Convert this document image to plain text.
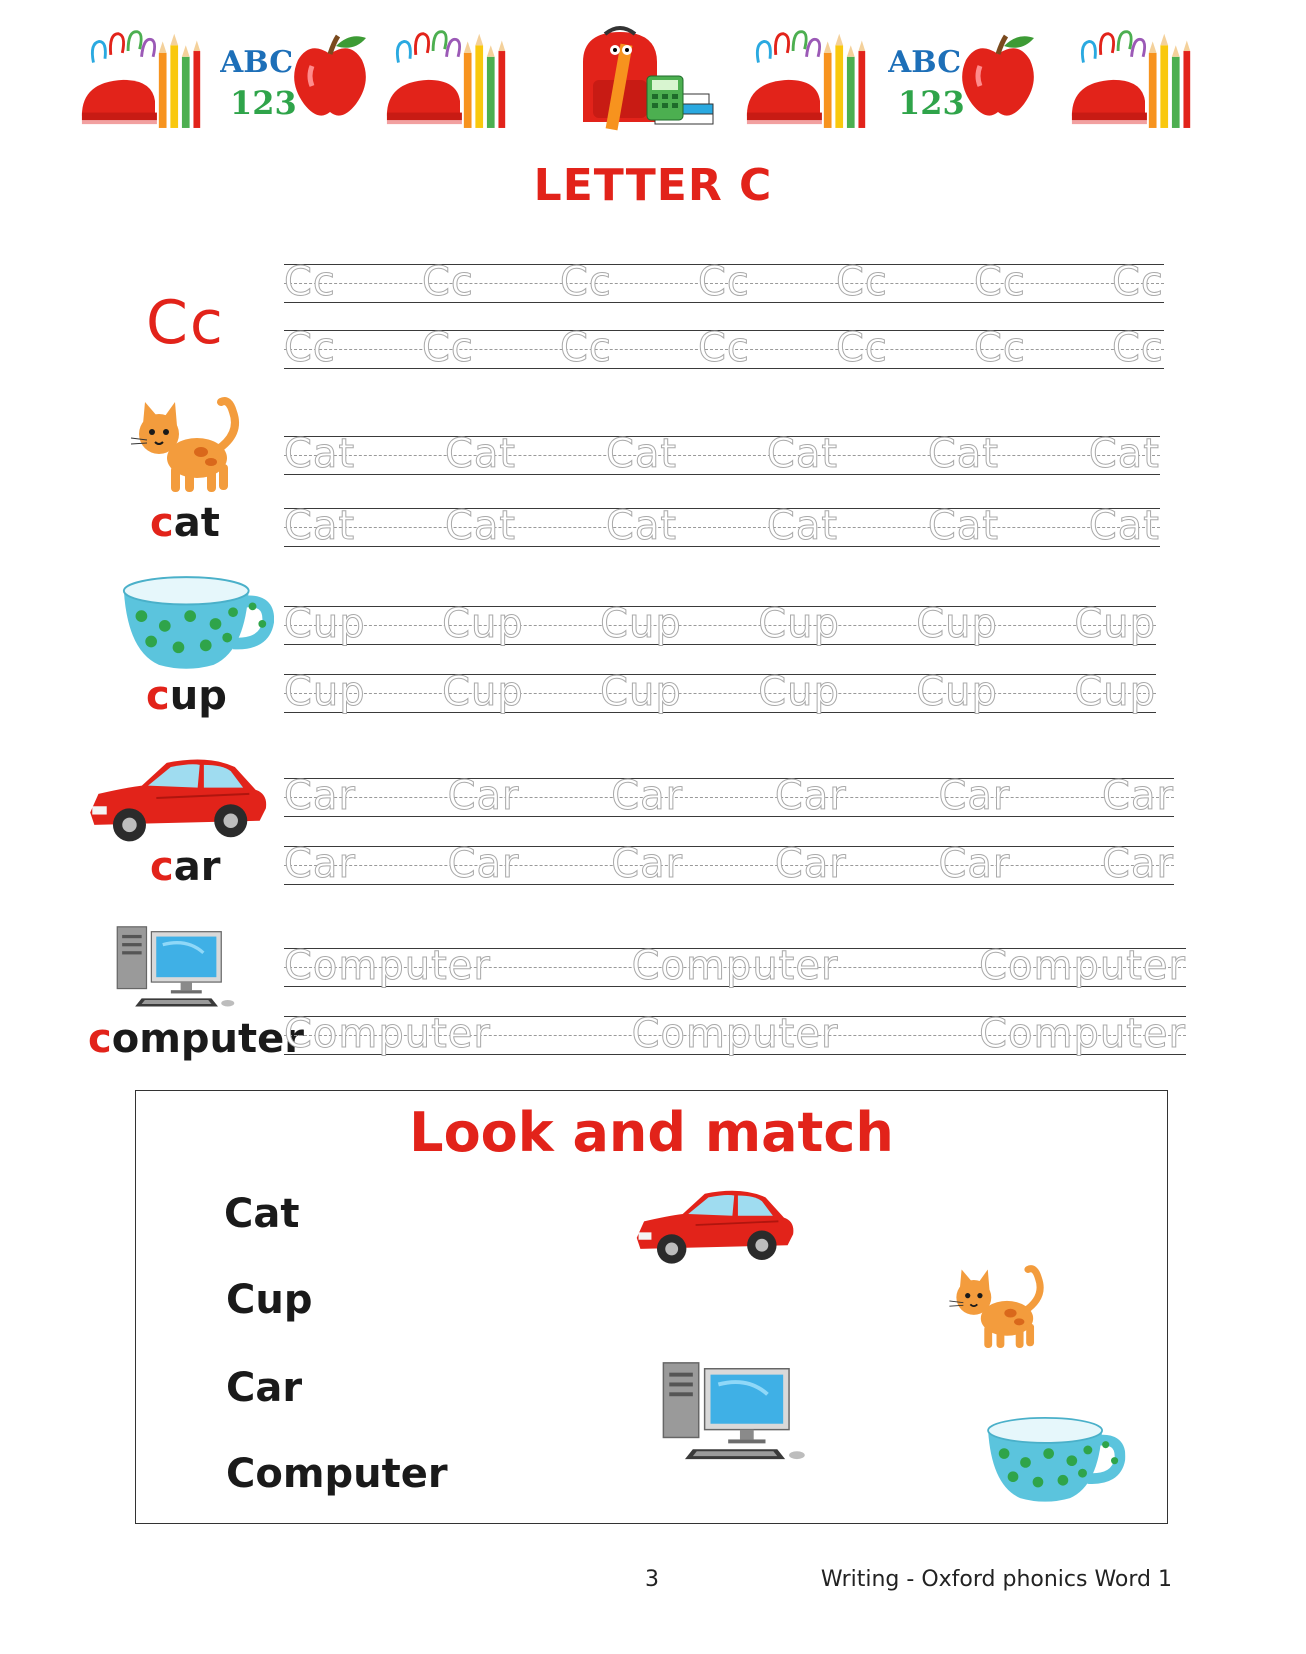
ABC
123
ABC
123
LETTER C
Cc
Cc Cc Cc Cc Cc Cc Cc
Cc Cc Cc Cc Cc Cc Cc
cat
Cat Cat Cat Cat Cat Cat
Cat Cat Cat Cat Cat Cat
cup
Cup Cup Cup Cup Cup Cup
Cup Cup Cup Cup Cup Cup
car
Car Car Car Car Car Car
Car Car Car Car Car Car
computer
Computer	Computer	Computer
Computer	Computer	Computer
Look and match
Cat
Cup
Car
Computer
3	Writing - Oxford phonics Word 1
